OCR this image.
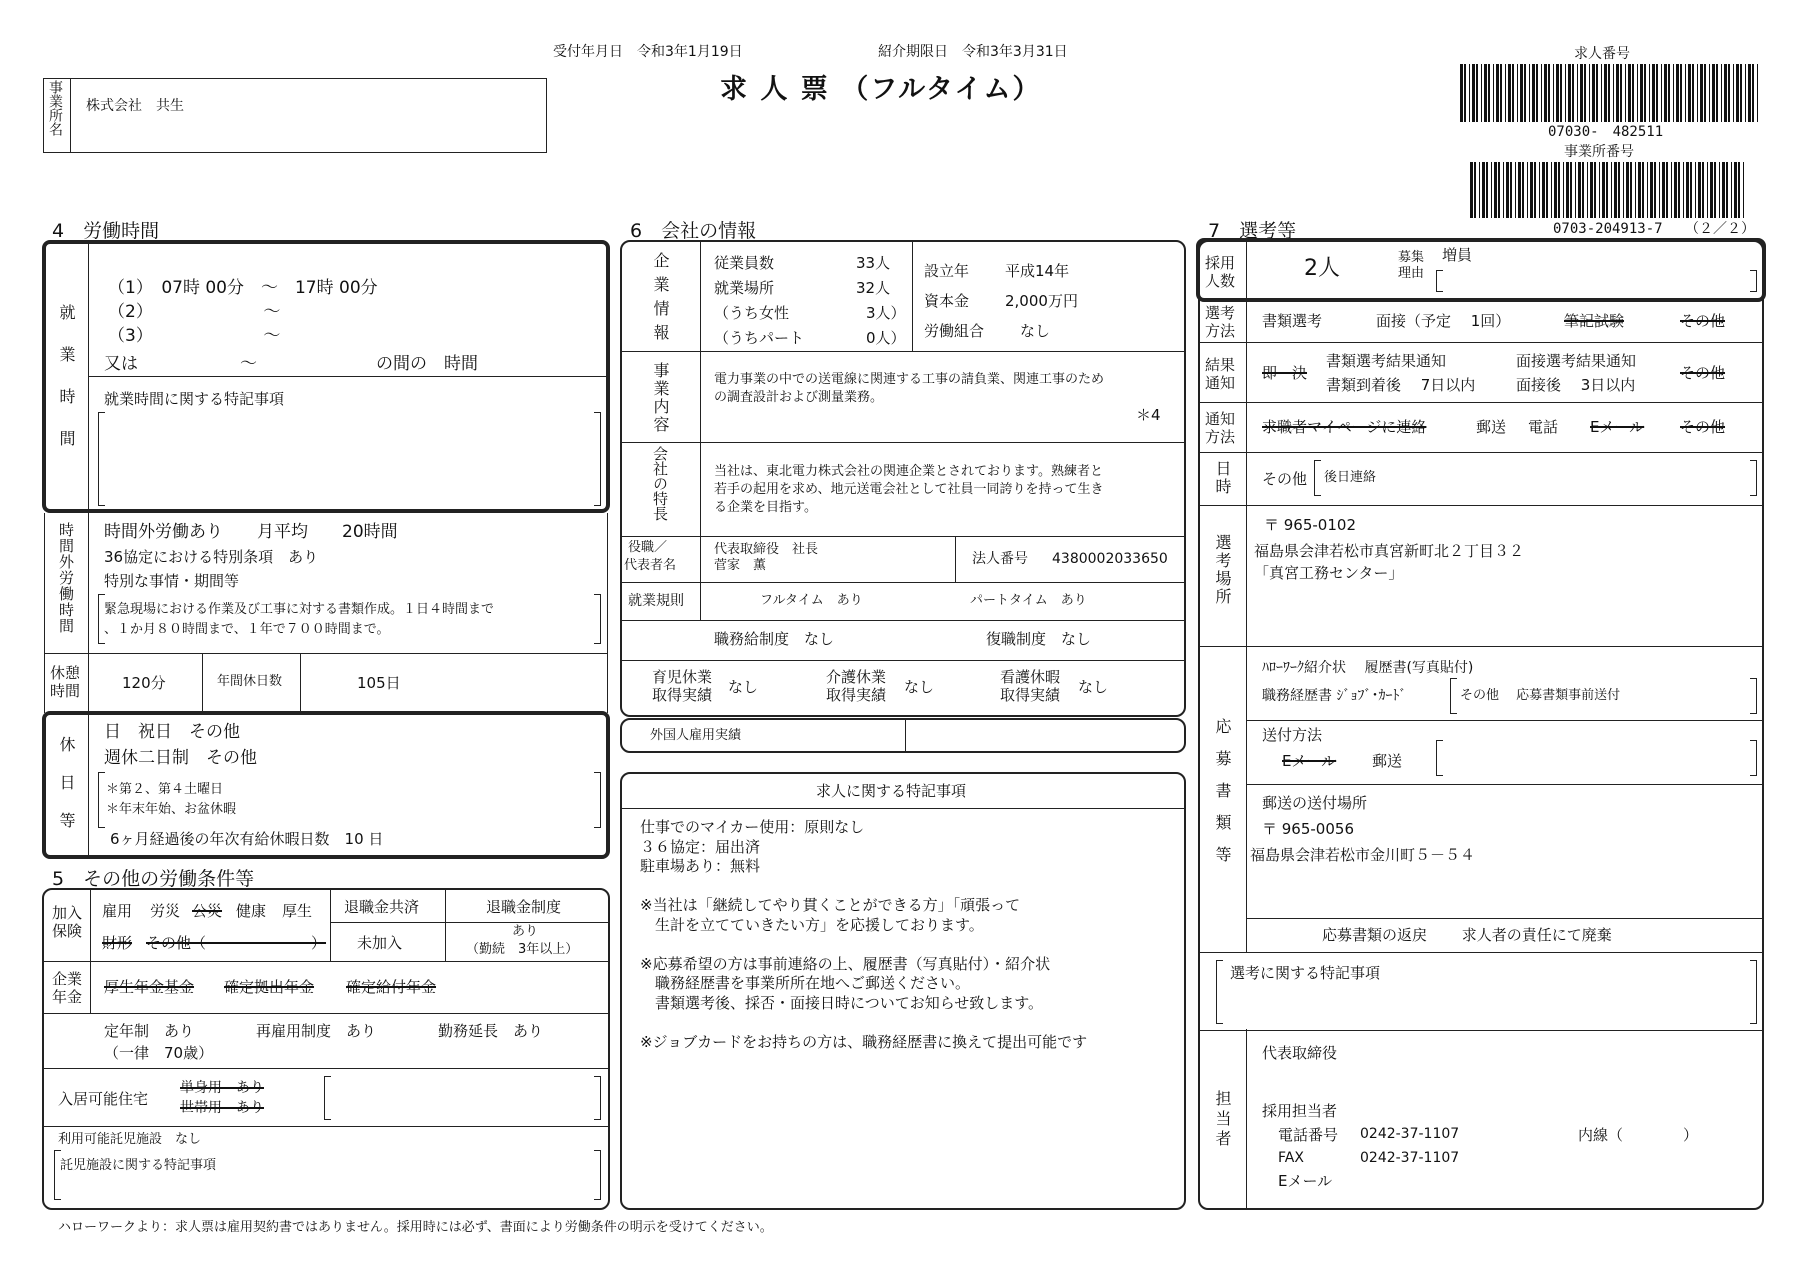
受付年月日　令和3年1月19日	紹介期限日　令和3年3月31日
求 人 票 （フルタイム）
事業所名 株式会社　共生
求人番号
07030-　482511
事業所番号
0703-204913-7 （２／２）
4　労働時間
就業時間
（1）　07時 00分　～　17時 00分
（2）　　　　　　　～
（3）　　　　　　　～
又は　　　　　　～　　　　　　　の間の　時間
就業時間に関する特記事項
時間外労働時間 時間外労働あり　　月平均　　20時間
36協定における特別条項　あり
特別な事情・期間等
緊急現場における作業及び工事に対する書類作成。１日４時間まで
、１か月８０時間まで、１年で７００時間まで。
休憩時間	120分	年間休日数	105日
休日等
日　祝日　その他
週休二日制　その他
＊第２、第４土曜日
＊年末年始、お盆休暇
6ヶ月経過後の年次有給休暇日数　10 日
5　その他の労働条件等
加入保険
雇用 労災 公災 健康 厚生
財形 その他（　　　　　　　）
退職金共済
未加入
退職金制度
あり
（勤続　3年以上）
企業年金
厚生年金基金 確定拠出年金 確定給付年金
定年制　あり
（一律　70歳）
再雇用制度　あり	勤務延長　あり
入居可能住宅
単身用　あり
世帯用　あり
利用可能託児施設　なし
託児施設に関する特記事項
6　会社の情報
企業情報	従業員数	33人
就業場所	32人
（うち女性	3人）
（うちパート	0人）
設立年 平成14年
資本金 2,000万円
労働組合 なし
事業内容	電力事業の中での送電線に関連する工事の請負業、関連工事のため
の調査設計および測量業務。
＊4
会社の特長	当社は、東北電力株式会社の関連企業とされております。熟練者と
若手の起用を求め、地元送電会社として社員一同誇りを持って生き
る企業を目指す。
役職／
代表者名
代表取締役　社長
菅家　薫	法人番号 4380002033650
就業規則	フルタイム　あり	パートタイム　あり
職務給制度　なし	復職制度　なし
育児休業
取得実績 なし
介護休業
取得実績 なし
看護休暇
取得実績 なし
外国人雇用実績
求人に関する特記事項
仕事でのマイカー使用：原則なし
３６協定：届出済
駐車場あり：無料

※当社は「継続してやり貫くことができる方」「頑張って
　生計を立てていきたい方」を応援しております。

※応募希望の方は事前連絡の上、履歴書（写真貼付）・紹介状
　職務経歴書を事業所所在地へご郵送ください。
　書類選考後、採否・面接日時についてお知らせ致します。

※ジョブカードをお持ちの方は、職務経歴書に換えて提出可能です
7　選考等
採用人数	2人	募集理由
増員
選考方法
書類選考	面接（予定　 1回）	筆記試験	その他
結果通知
即　決
書類選考結果通知
書類到着後　 7日以内
面接選考結果通知
面接後　 3日以内
その他
通知方法
求職者マイページに連絡	郵送 電話 Eメール その他
日時 その他 後日連絡
選考場所
〒 965-0102
福島県会津若松市真宮新町北２丁目３２
「真宮工務センター」
応募書類等
ﾊﾛｰﾜｰｸ紹介状　 履歴書(写真貼付)
職務経歴書 ｼﾞｮﾌﾞ･ｶｰﾄﾞ	その他　 応募書類事前送付
送付方法
Eメール 郵送
郵送の送付場所
〒 965-0056
福島県会津若松市金川町５－５４
応募書類の返戻　　 求人者の責任にて廃棄
選考に関する特記事項
担当者
代表取締役
採用担当者
電話番号 0242-37-1107	内線（　　　　）
FAX	0242-37-1107
Eメール
ハローワークより：求人票は雇用契約書ではありません。採用時には必ず、書面により労働条件の明示を受けてください。
